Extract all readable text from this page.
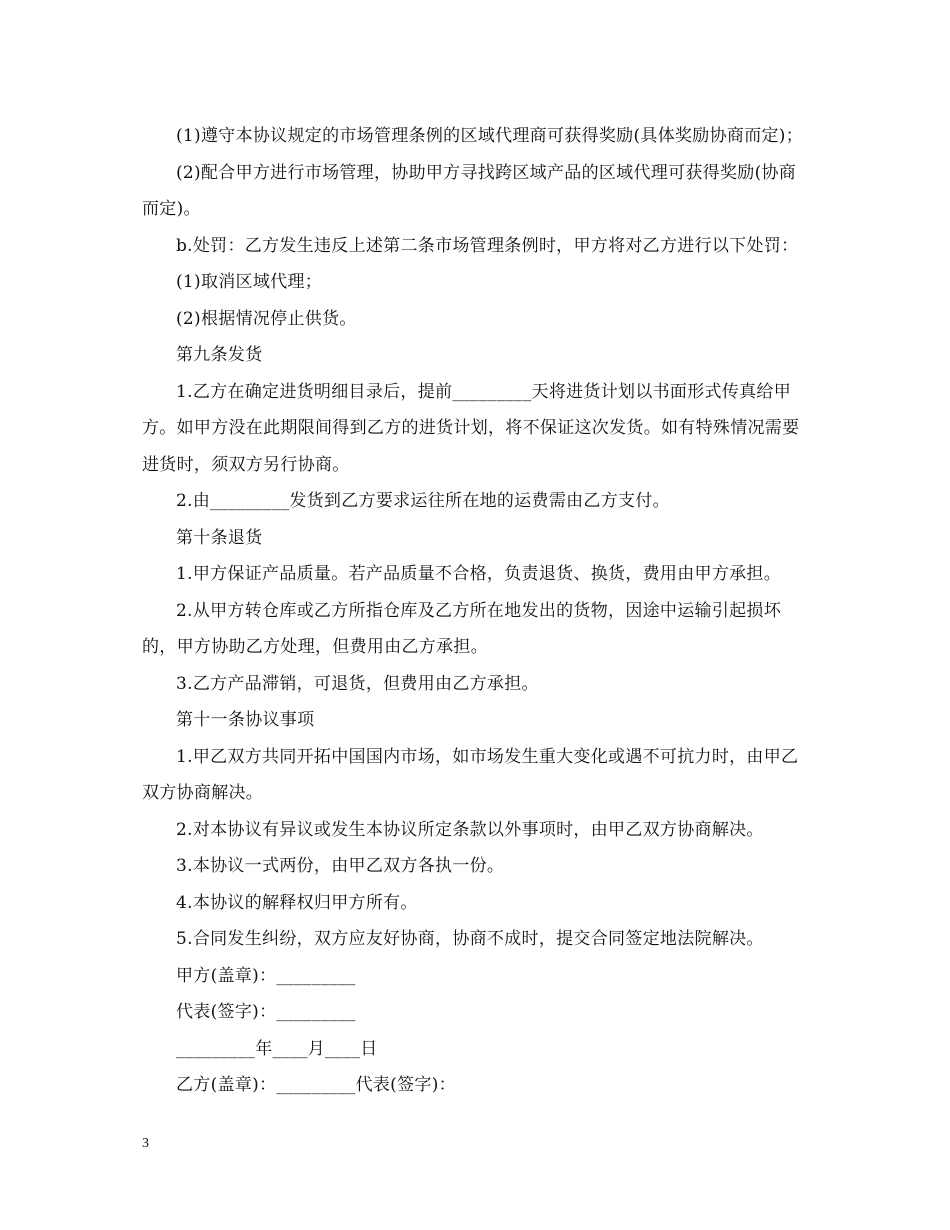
(1)遵守本协议规定的市场管理条例的区域代理商可获得奖励(具体奖励协商而定)；

(2)配合甲方进行市场管理，协助甲方寻找跨区域产品的区域代理可获得奖励(协商而定)。

b.处罚：乙方发生违反上述第二条市场管理条例时，甲方将对乙方进行以下处罚：

(1)取消区域代理；

(2)根据情况停止供货。

第九条发货

1.乙方在确定进货明细目录后，提前_________天将进货计划以书面形式传真给甲方。如甲方没在此期限间得到乙方的进货计划，将不保证这次发货。如有特殊情况需要进货时，须双方另行协商。

2.由_________发货到乙方要求运往所在地的运费需由乙方支付。

第十条退货

1.甲方保证产品质量。若产品质量不合格，负责退货、换货，费用由甲方承担。

2.从甲方转仓库或乙方所指仓库及乙方所在地发出的货物，因途中运输引起损坏的，甲方协助乙方处理，但费用由乙方承担。

3.乙方产品滞销，可退货，但费用由乙方承担。

第十一条协议事项

1.甲乙双方共同开拓中国国内市场，如市场发生重大变化或遇不可抗力时，由甲乙双方协商解决。

2.对本协议有异议或发生本协议所定条款以外事项时，由甲乙双方协商解决。

3.本协议一式两份，由甲乙双方各执一份。

4.本协议的解释权归甲方所有。

5.合同发生纠纷，双方应友好协商，协商不成时，提交合同签定地法院解决。

甲方(盖章)：_________

代表(签字)：_________

_________年____月____日

乙方(盖章)：_________代表(签字)：

3
